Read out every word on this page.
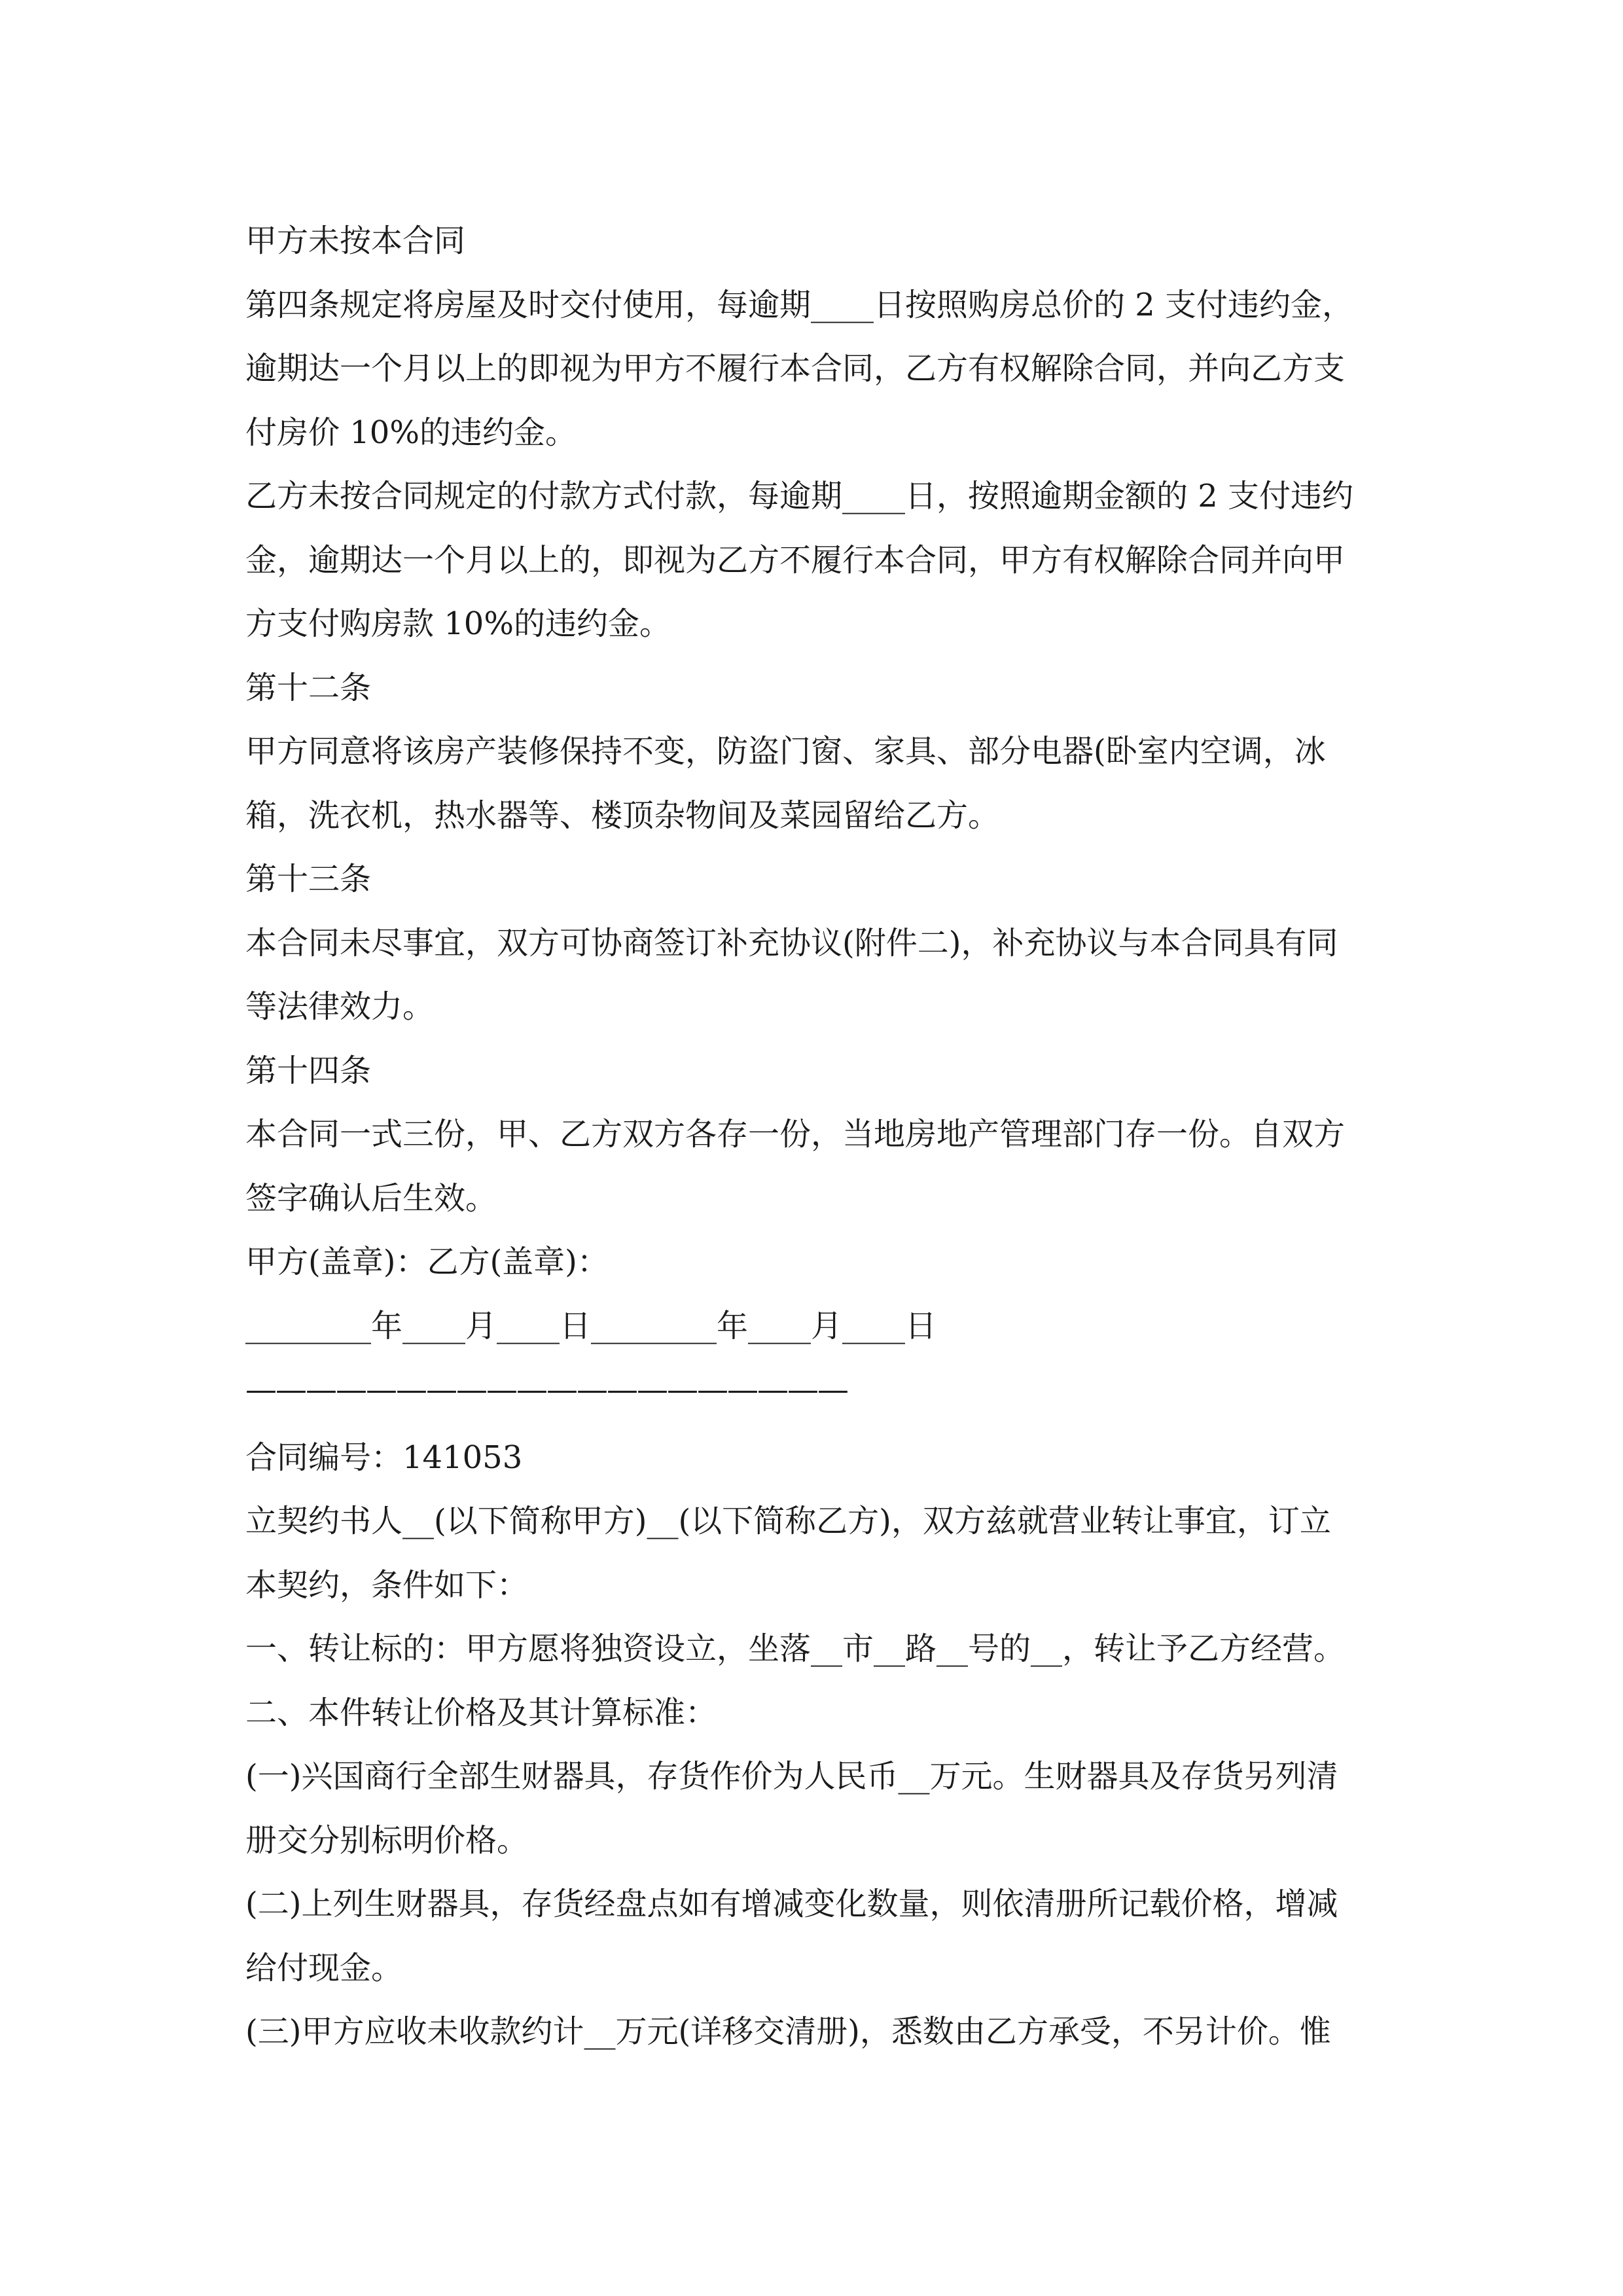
甲方未按本合同
第四条规定将房屋及时交付使用，每逾期____日按照购房总价的 2 支付违约金，
逾期达一个月以上的即视为甲方不履行本合同，乙方有权解除合同，并向乙方支
付房价 10%的违约金。
乙方未按合同规定的付款方式付款，每逾期____日，按照逾期金额的 2 支付违约
金，逾期达一个月以上的，即视为乙方不履行本合同，甲方有权解除合同并向甲
方支付购房款 10%的违约金。
第十二条
甲方同意将该房产装修保持不变，防盗门窗、家具、部分电器(卧室内空调，冰
箱，洗衣机，热水器等、楼顶杂物间及菜园留给乙方。
第十三条
本合同未尽事宜，双方可协商签订补充协议(附件二)，补充协议与本合同具有同
等法律效力。
第十四条
本合同一式三份，甲、乙方双方各存一份，当地房地产管理部门存一份。自双方
签字确认后生效。
甲方(盖章)：乙方(盖章)：
________年____月____日________年____月____日
————————————————————
合同编号：141053
立契约书人__(以下简称甲方)__(以下简称乙方)，双方兹就营业转让事宜，订立
本契约，条件如下：
一、转让标的：甲方愿将独资设立，坐落__市__路__号的__，转让予乙方经营。
二、本件转让价格及其计算标准：
(一)兴国商行全部生财器具，存货作价为人民币__万元。生财器具及存货另列清
册交分别标明价格。
(二)上列生财器具，存货经盘点如有增减变化数量，则依清册所记载价格，增减
给付现金。
(三)甲方应收未收款约计__万元(详移交清册)，悉数由乙方承受，不另计价。惟
